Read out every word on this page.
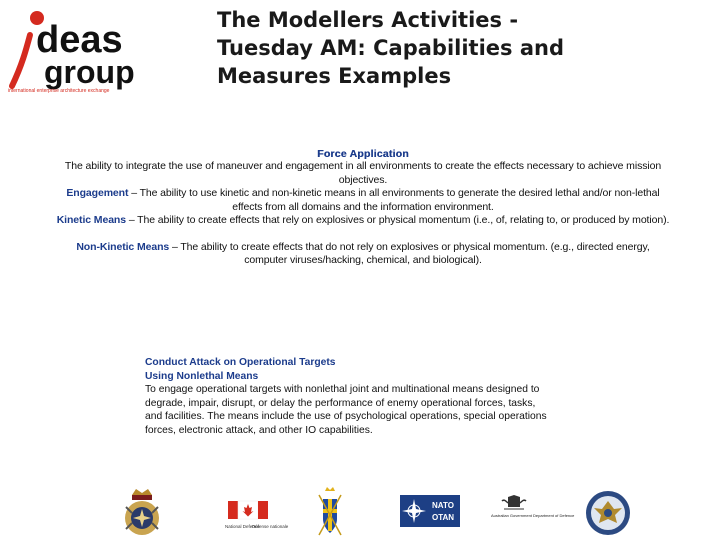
deas
group
international enterprise architecture exchange
The Modellers Activities -
Tuesday AM: Capabilities and
Measures Examples
Force Application
The ability to integrate the use of maneuver and engagement in all environments to create the effects necessary to achieve mission objectives.
Engagement – The ability to use kinetic and non-kinetic means in all environments to generate the desired lethal and/or non-lethal effects from all domains and the information environment.
Kinetic Means – The ability to create effects that rely on explosives or physical momentum (i.e., of, relating to, or produced by motion).
Non-Kinetic Means – The ability to create effects that do not rely on explosives or physical momentum. (e.g., directed energy, computer viruses/hacking, chemical, and biological).
Conduct Attack on Operational Targets
Using Nonlethal Means
To engage operational targets with nonlethal joint and multinational means designed to degrade, impair, disrupt, or delay the performance of enemy operational forces, tasks, and facilities. The means include the use of psychological operations, special operations forces, electronic attack, and other IO capabilities.
National Defence
Défense nationale
NATO
OTAN	Australian Government Department of Defence
